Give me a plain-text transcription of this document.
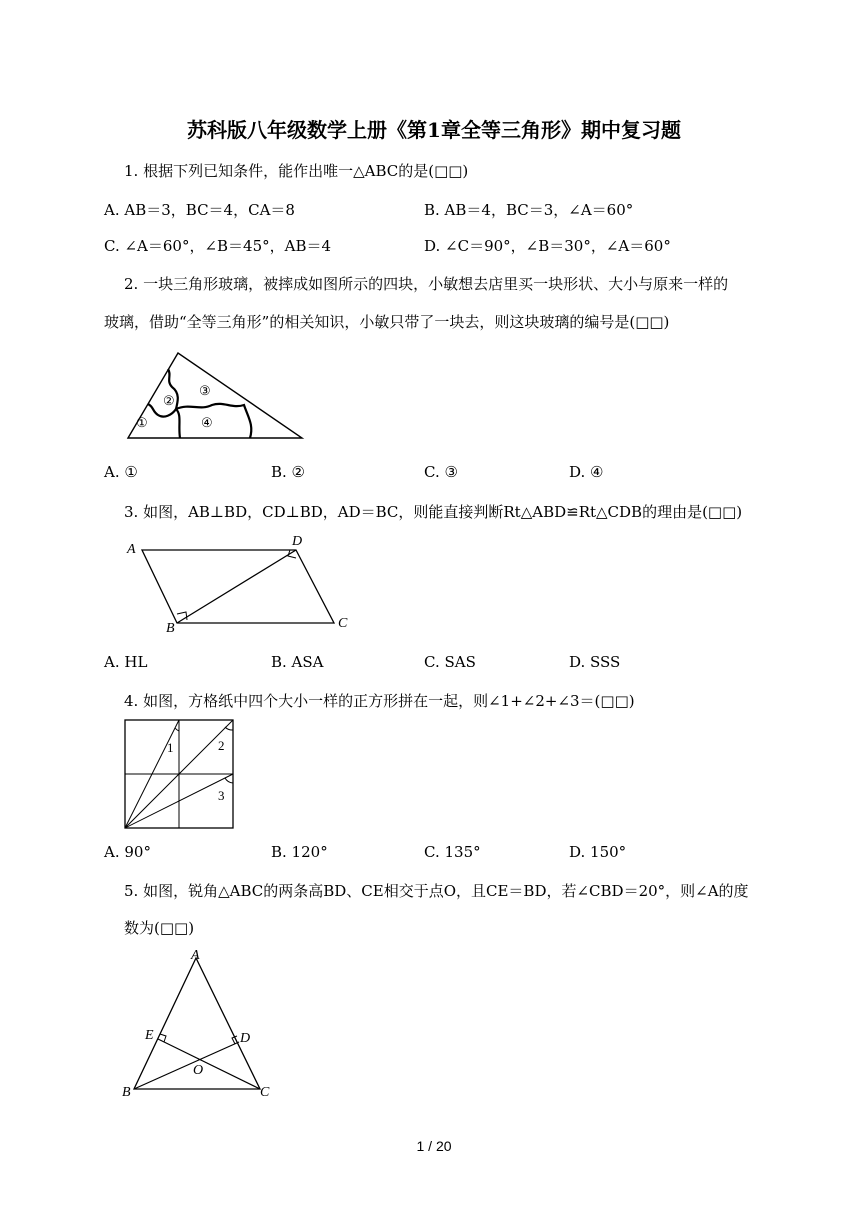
苏科版八年级数学上册《第1章全等三角形》期中复习题
1. 根据下列已知条件，能作出唯一△ABC的是(□□)
A. AB＝3，BC＝4，CA＝8	B. AB＝4，BC＝3，∠A＝60°
C. ∠A＝60°，∠B＝45°，AB＝4	D. ∠C＝90°，∠B＝30°，∠A＝60°
2. 一块三角形玻璃，被摔成如图所示的四块，小敏想去店里买一块形状、大小与原来一样的
玻璃，借助“全等三角形”的相关知识，小敏只带了一块去，则这块玻璃的编号是(□□)
①
②
③
④
A. ①	B. ②	C. ③	D. ④
3. 如图，AB⊥BD，CD⊥BD，AD＝BC，则能直接判断Rt△ABD≌Rt△CDB的理由是(□□)
A
D
B	C
A. HL	B. ASA	C. SAS	D. SSS
4. 如图，方格纸中四个大小一样的正方形拼在一起，则∠1+∠2+∠3＝(□□)
1	2
3
A. 90°	B. 120°	C. 135°	D. 150°
5. 如图，锐角△ABC的两条高BD、CE相交于点O，且CE＝BD，若∠CBD＝20°，则∠A的度
数为(□□)
A
E	D
O
B	C
1 / 20
